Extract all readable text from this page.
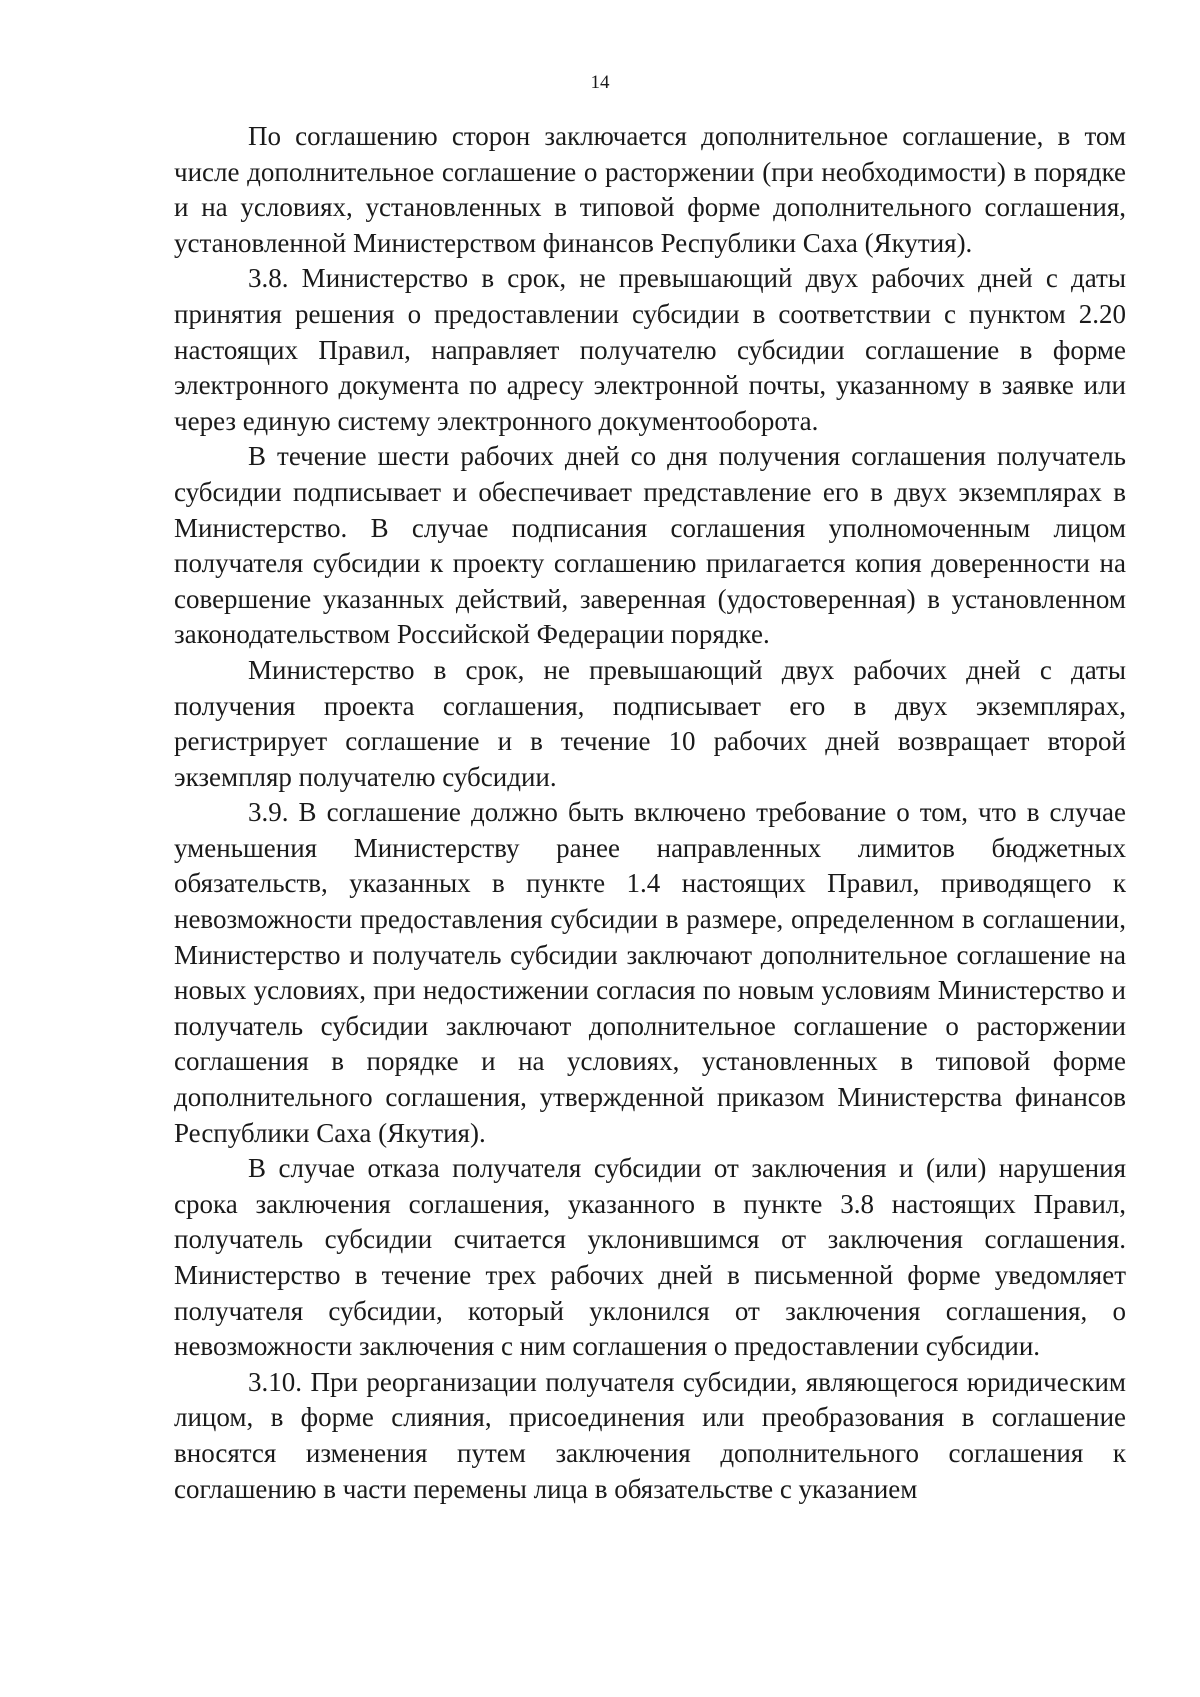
14

По соглашению сторон заключается дополнительное соглашение, в том числе дополнительное соглашение о расторжении (при необходимости) в порядке и на условиях, установленных в типовой форме дополнительного соглашения, установленной Министерством финансов Республики Саха (Якутия).

3.8. Министерство в срок, не превышающий двух рабочих дней с даты принятия решения о предоставлении субсидии в соответствии с пунктом 2.20 настоящих Правил, направляет получателю субсидии соглашение в форме электронного документа по адресу электронной почты, указанному в заявке или через единую систему электронного документооборота.

В течение шести рабочих дней со дня получения соглашения получатель субсидии подписывает и обеспечивает представление его в двух экземплярах в Министерство. В случае подписания соглашения уполномоченным лицом получателя субсидии к проекту соглашению прилагается копия доверенности на совершение указанных действий, заверенная (удостоверенная) в установленном законодательством Российской Федерации порядке.

Министерство в срок, не превышающий двух рабочих дней с даты получения проекта соглашения, подписывает его в двух экземплярах, регистрирует соглашение и в течение 10 рабочих дней возвращает второй экземпляр получателю субсидии.

3.9. В соглашение должно быть включено требование о том, что в случае уменьшения Министерству ранее направленных лимитов бюджетных обязательств, указанных в пункте 1.4 настоящих Правил, приводящего к невозможности предоставления субсидии в размере, определенном в соглашении, Министерство и получатель субсидии заключают дополнительное соглашение на новых условиях, при недостижении согласия по новым условиям Министерство и получатель субсидии заключают дополнительное соглашение о расторжении соглашения в порядке и на условиях, установленных в типовой форме дополнительного соглашения, утвержденной приказом Министерства финансов Республики Саха (Якутия).

В случае отказа получателя субсидии от заключения и (или) нарушения срока заключения соглашения, указанного в пункте 3.8 настоящих Правил, получатель субсидии считается уклонившимся от заключения соглашения. Министерство в течение трех рабочих дней в письменной форме уведомляет получателя субсидии, который уклонился от заключения соглашения, о невозможности заключения с ним соглашения о предоставлении субсидии.

3.10. При реорганизации получателя субсидии, являющегося юридическим лицом, в форме слияния, присоединения или преобразования в соглашение вносятся изменения путем заключения дополнительного соглашения к соглашению в части перемены лица в обязательстве с указанием
